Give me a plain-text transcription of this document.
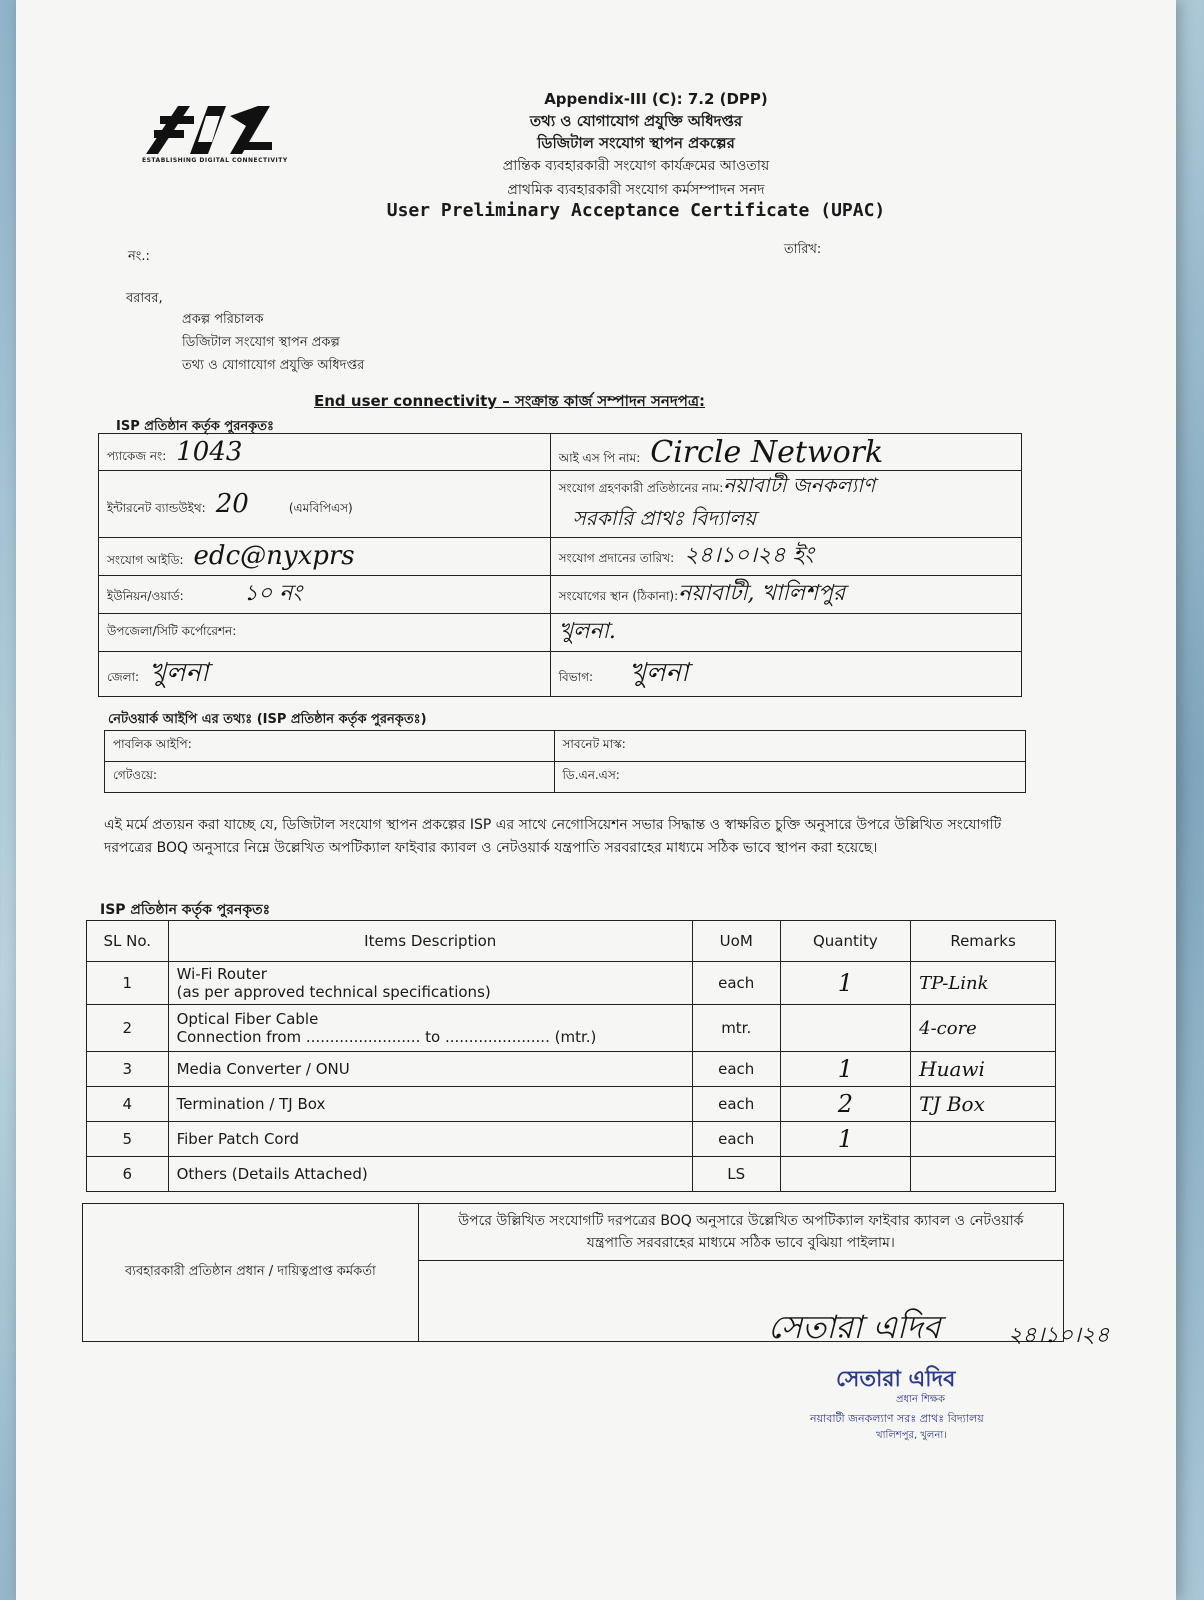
ESTABLISHING DIGITAL CONNECTIVITY
Appendix-III (C): 7.2 (DPP)
তথ্য ও যোগাযোগ প্রযুক্তি অধিদপ্তর
ডিজিটাল সংযোগ স্থাপন প্রকল্পের
প্রান্তিক ব্যবহারকারী সংযোগ কার্যক্রমের আওতায়
প্রাথমিক ব্যবহারকারী সংযোগ কর্মসম্পাদন সনদ
User Preliminary Acceptance Certificate (UPAC)
নং.:	তারিখ:
বরাবর,
প্রকল্প পরিচালক
ডিজিটাল সংযোগ স্থাপন প্রকল্প
তথ্য ও যোগাযোগ প্রযুক্তি অধিদপ্তর
End user connectivity – সংক্রান্ত কার্জ সম্পাদন সনদপত্র:
ISP প্রতিষ্ঠান কর্তৃক পুরনকৃতঃ
প্যাকেজ নং: 1043	আই এস পি নাম: Circle Network
ইন্টারনেট ব্যান্ডউইথ: 20 (এমবিপিএস)	সংযোগ গ্রহণকারী প্রতিষ্ঠানের নাম:নয়াবাটী জনকল্যাণ
সরকারি প্রাথঃ বিদ্যালয়
সংযোগ আইডি: edc@nyxprs	সংযোগ প্রদানের তারিখ: ২৪।১০।২৪ ইং
ইউনিয়ন/ওয়ার্ড: ১০ নং	সংযোগের স্থান (ঠিকানা):নয়াবাটী, খালিশপুর
উপজেলা/সিটি কর্পোরেশন:	খুলনা.
জেলা: খুলনা	বিভাগ: খুলনা
নেটওয়ার্ক আইপি এর তথ্যঃ (ISP প্রতিষ্ঠান কর্তৃক পুরনকৃতঃ)
পাবলিক আইপি:	সাবনেট মাস্ক:
গেটওয়ে:	ডি.এন.এস:
এই মর্মে প্রত্যয়ন করা যাচ্ছে যে, ডিজিটাল সংযোগ স্থাপন প্রকল্পের ISP এর সাথে নেগোসিয়েশন সভার সিদ্ধান্ত ও স্বাক্ষরিত চুক্তি অনুসারে উপরে উল্লিখিত সংযোগটি দরপত্রের BOQ অনুসারে নিম্নে উল্লেখিত অপটিক্যাল ফাইবার ক্যাবল ও নেটওয়ার্ক যন্ত্রপাতি সরবরাহের মাধ্যমে সঠিক ভাবে স্থাপন করা হয়েছে।
ISP প্রতিষ্ঠান কর্তৃক পুরনকৃতঃ
SL No.	Items Description	UoM	Quantity	Remarks
1	Wi-Fi Router
(as per approved technical specifications)	each	1	TP-Link
2	Optical Fiber Cable
Connection from ........................ to ...................... (mtr.)	mtr.		4-core
3	Media Converter / ONU	each	1	Huawi
4	Termination / TJ Box	each	2	TJ Box
5	Fiber Patch Cord	each	1	
6	Others (Details Attached)	LS		
ব্যবহারকারী প্রতিষ্ঠান প্রধান / দায়িত্বপ্রাপ্ত কর্মকর্তা	উপরে উল্লিখিত সংযোগটি দরপত্রের BOQ অনুসারে উল্লেখিত অপটিক্যাল ফাইবার ক্যাবল ও নেটওয়ার্ক যন্ত্রপাতি সরবরাহের মাধ্যমে সঠিক ভাবে বুঝিয়া পাইলাম।

সেতারা এদিব	২৪।১০।২৪
সেতারা এদিব
প্রধান শিক্ষক
নয়াবাটী জনকল্যাণ সরঃ প্রাথঃ বিদ্যালয়
খালিশপুর, খুলনা।
